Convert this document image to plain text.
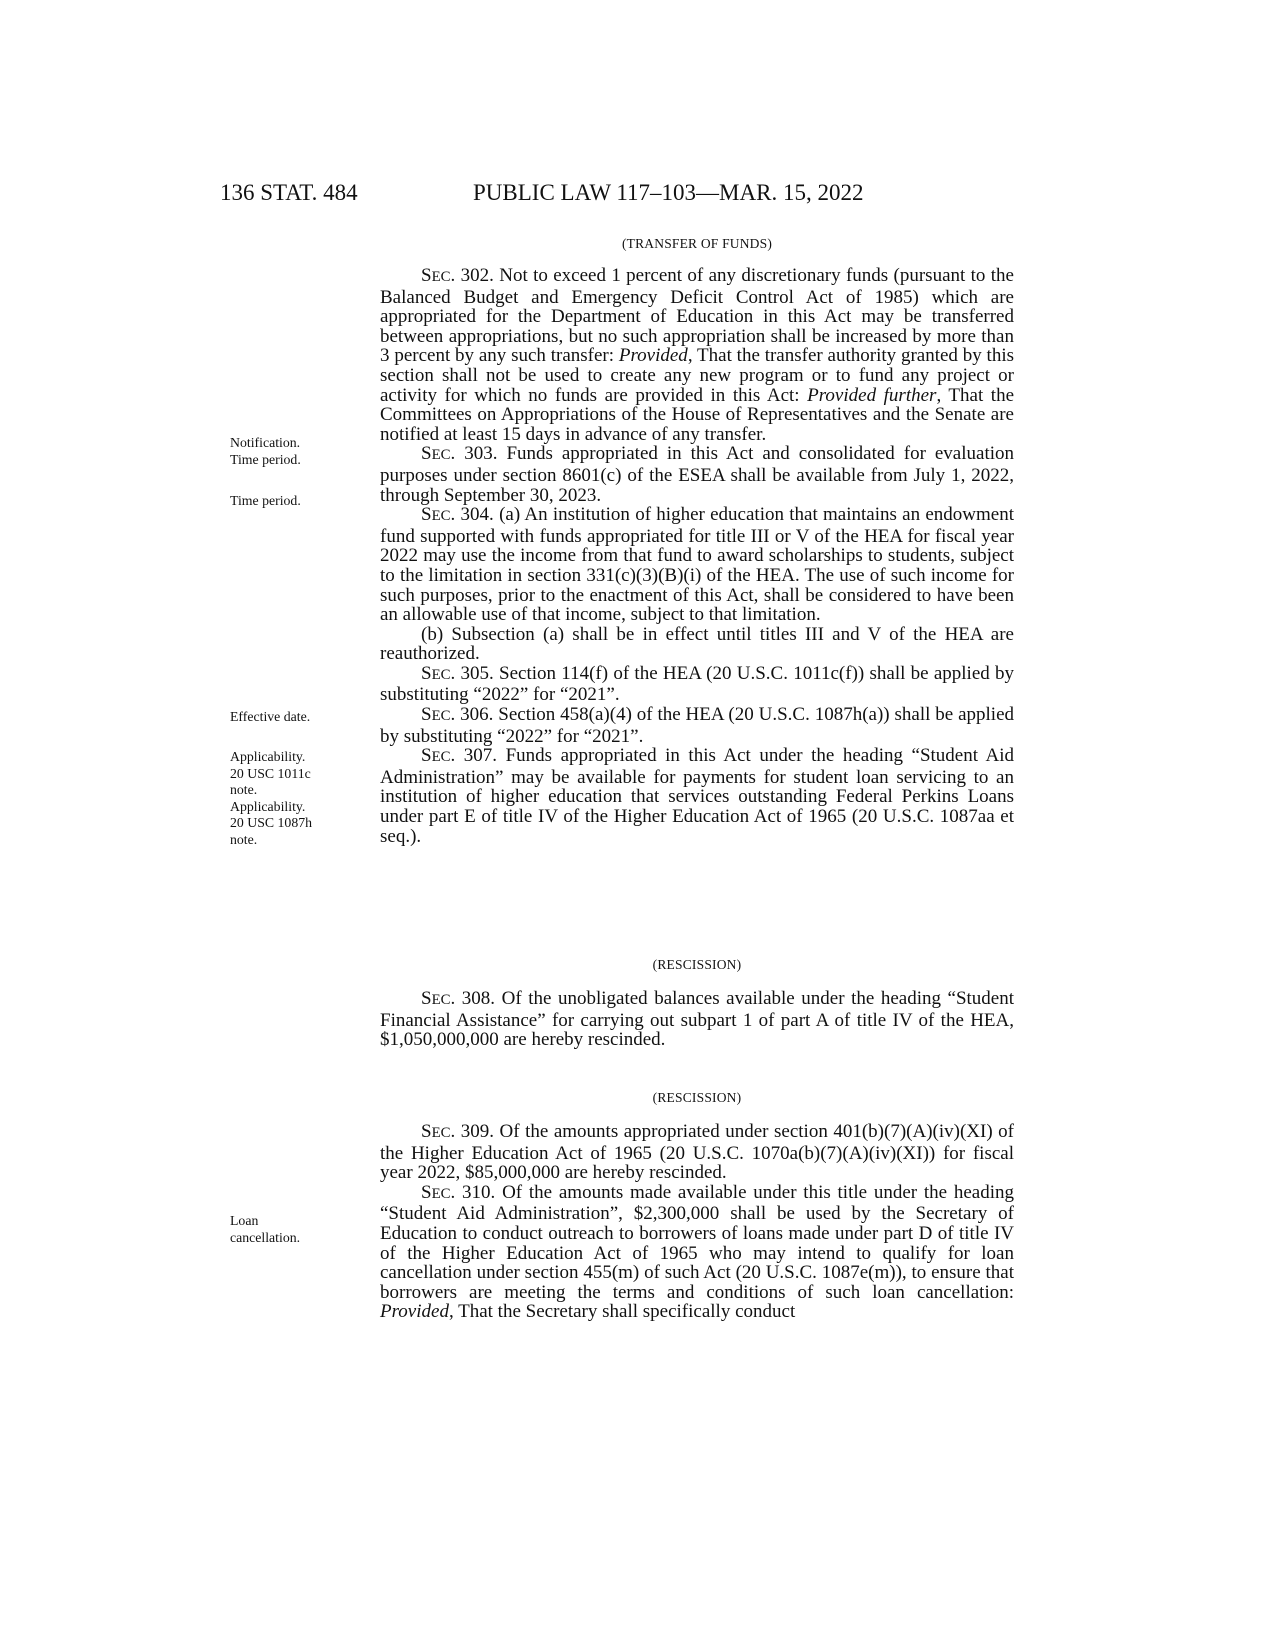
136 STAT. 484	PUBLIC LAW 117–103—MAR. 15, 2022
(TRANSFER OF FUNDS)

SEC. 302. Not to exceed 1 percent of any discretionary funds (pursuant to the Balanced Budget and Emergency Deficit Control Act of 1985) which are appropriated for the Department of Education in this Act may be transferred between appropriations, but no such appropriation shall be increased by more than 3 percent by any such transfer: Provided, That the transfer authority granted by this section shall not be used to create any new program or to fund any project or activity for which no funds are provided in this Act: Provided further, That the Committees on Appropriations of the House of Representatives and the Senate are notified at least 15 days in advance of any transfer.

SEC. 303. Funds appropriated in this Act and consolidated for evaluation purposes under section 8601(c) of the ESEA shall be available from July 1, 2022, through September 30, 2023.

SEC. 304. (a) An institution of higher education that maintains an endowment fund supported with funds appropriated for title III or V of the HEA for fiscal year 2022 may use the income from that fund to award scholarships to students, subject to the limitation in section 331(c)(3)(B)(i) of the HEA. The use of such income for such purposes, prior to the enactment of this Act, shall be considered to have been an allowable use of that income, subject to that limitation.

(b) Subsection (a) shall be in effect until titles III and V of the HEA are reauthorized.

SEC. 305. Section 114(f) of the HEA (20 U.S.C. 1011c(f)) shall be applied by substituting “2022” for “2021”.

SEC. 306. Section 458(a)(4) of the HEA (20 U.S.C. 1087h(a)) shall be applied by substituting “2022” for “2021”.

SEC. 307. Funds appropriated in this Act under the heading “Student Aid Administration” may be available for payments for student loan servicing to an institution of higher education that services outstanding Federal Perkins Loans under part E of title IV of the Higher Education Act of 1965 (20 U.S.C. 1087aa et seq.).

(RESCISSION)

SEC. 308. Of the unobligated balances available under the heading “Student Financial Assistance” for carrying out subpart 1 of part A of title IV of the HEA, $1,050,000,000 are hereby rescinded.

(RESCISSION)

SEC. 309. Of the amounts appropriated under section 401(b)(7)(A)(iv)(XI) of the Higher Education Act of 1965 (20 U.S.C. 1070a(b)(7)(A)(iv)(XI)) for fiscal year 2022, $85,000,000 are hereby rescinded.

SEC. 310. Of the amounts made available under this title under the heading “Student Aid Administration”, $2,300,000 shall be used by the Secretary of Education to conduct outreach to borrowers of loans made under part D of title IV of the Higher Education Act of 1965 who may intend to qualify for loan cancellation under section 455(m) of such Act (20 U.S.C. 1087e(m)), to ensure that borrowers are meeting the terms and conditions of such loan cancellation: Provided, That the Secretary shall specifically conduct

Notification.
Time period.
Time period.
Effective date.
Applicability.
20 USC 1011c
note.
Applicability.
20 USC 1087h
note.
Loan
cancellation.
